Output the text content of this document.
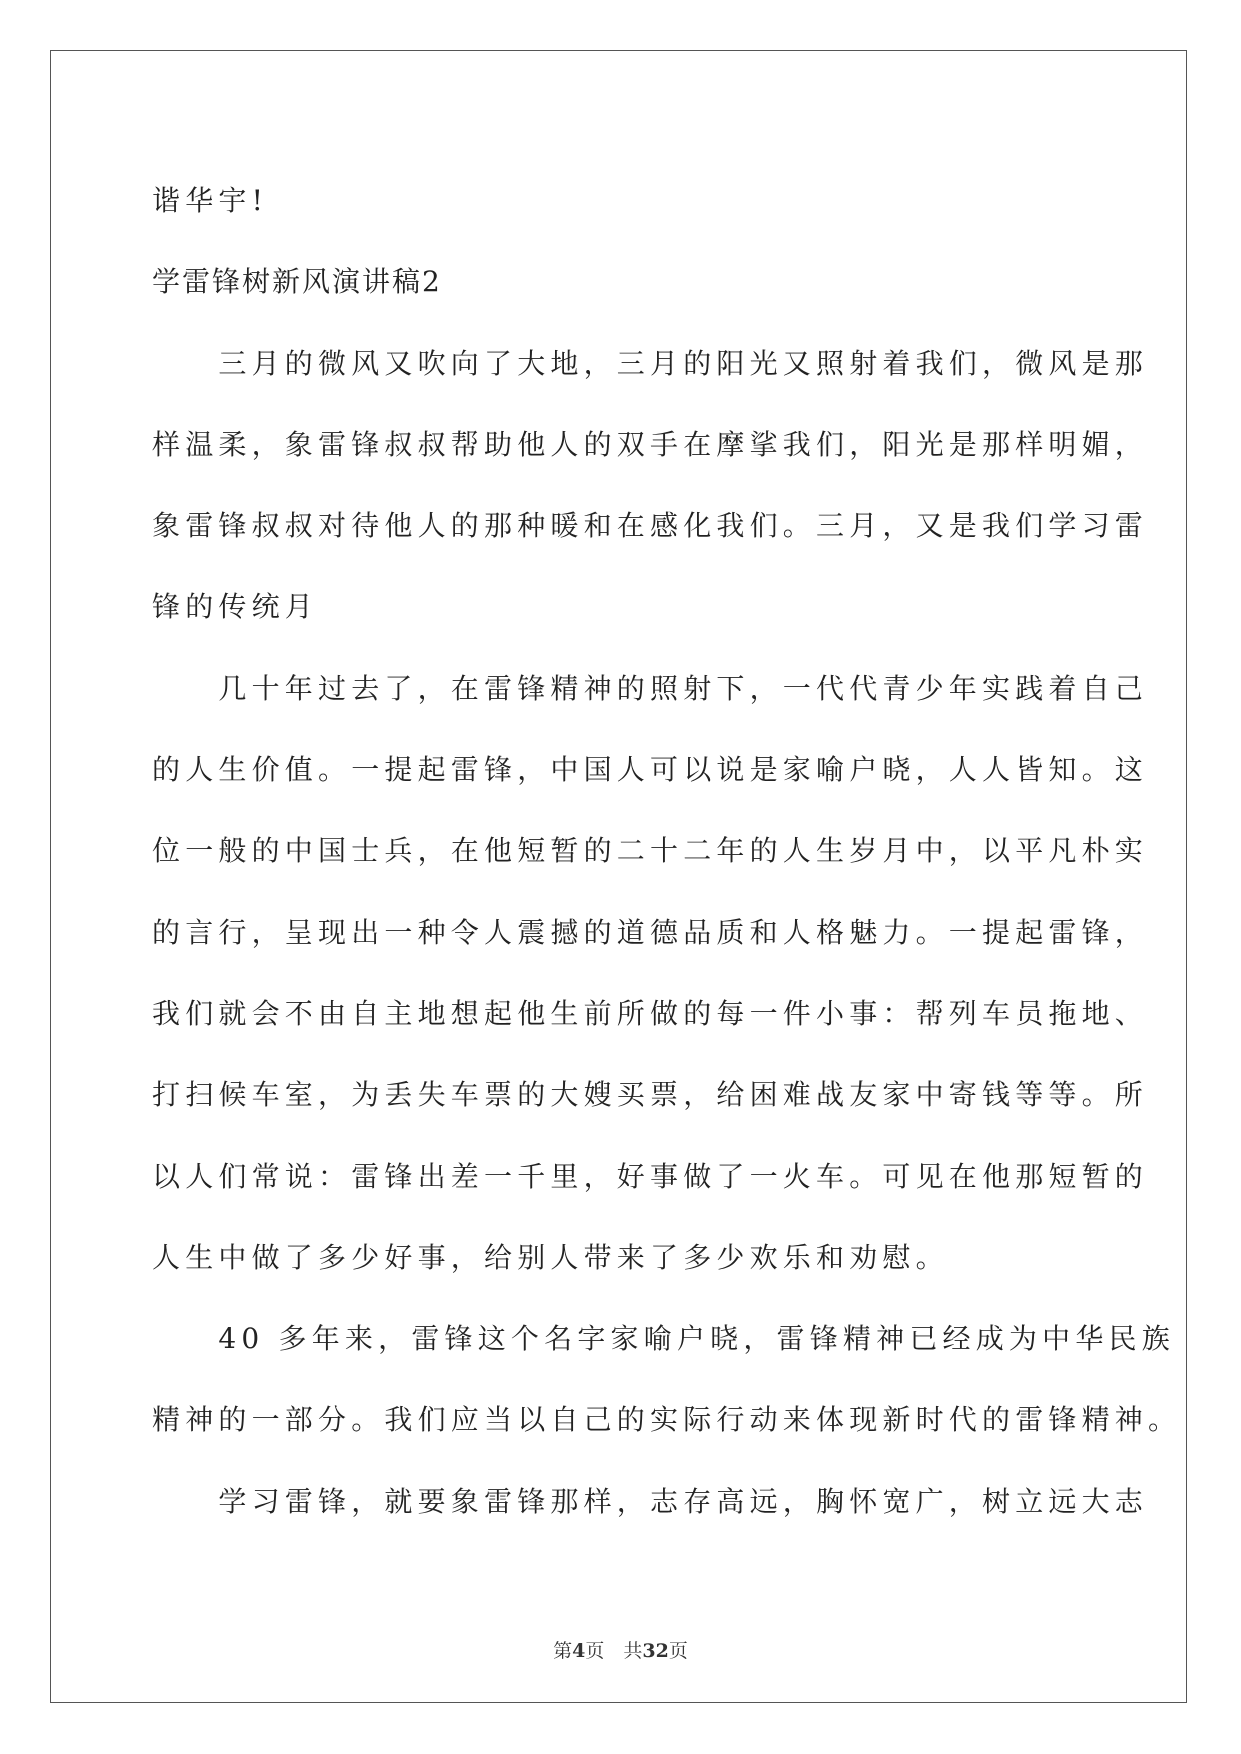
谐华宇!
学雷锋树新风演讲稿2
　　三月的微风又吹向了大地，三月的阳光又照射着我们，微风是那
样温柔，象雷锋叔叔帮助他人的双手在摩挲我们，阳光是那样明媚，
象雷锋叔叔对待他人的那种暖和在感化我们。三月，又是我们学习雷
锋的传统月
　　几十年过去了，在雷锋精神的照射下，一代代青少年实践着自己
的人生价值。一提起雷锋，中国人可以说是家喻户晓，人人皆知。这
位一般的中国士兵，在他短暂的二十二年的人生岁月中，以平凡朴实
的言行，呈现出一种令人震撼的道德品质和人格魅力。一提起雷锋，
我们就会不由自主地想起他生前所做的每一件小事：帮列车员拖地、
打扫候车室，为丢失车票的大嫂买票，给困难战友家中寄钱等等。所
以人们常说：雷锋出差一千里，好事做了一火车。可见在他那短暂的
人生中做了多少好事，给别人带来了多少欢乐和劝慰。
　　40 多年来，雷锋这个名字家喻户晓，雷锋精神已经成为中华民族
精神的一部分。我们应当以自己的实际行动来体现新时代的雷锋精神。
　　学习雷锋，就要象雷锋那样，志存高远，胸怀宽广，树立远大志
第4页　共32页
